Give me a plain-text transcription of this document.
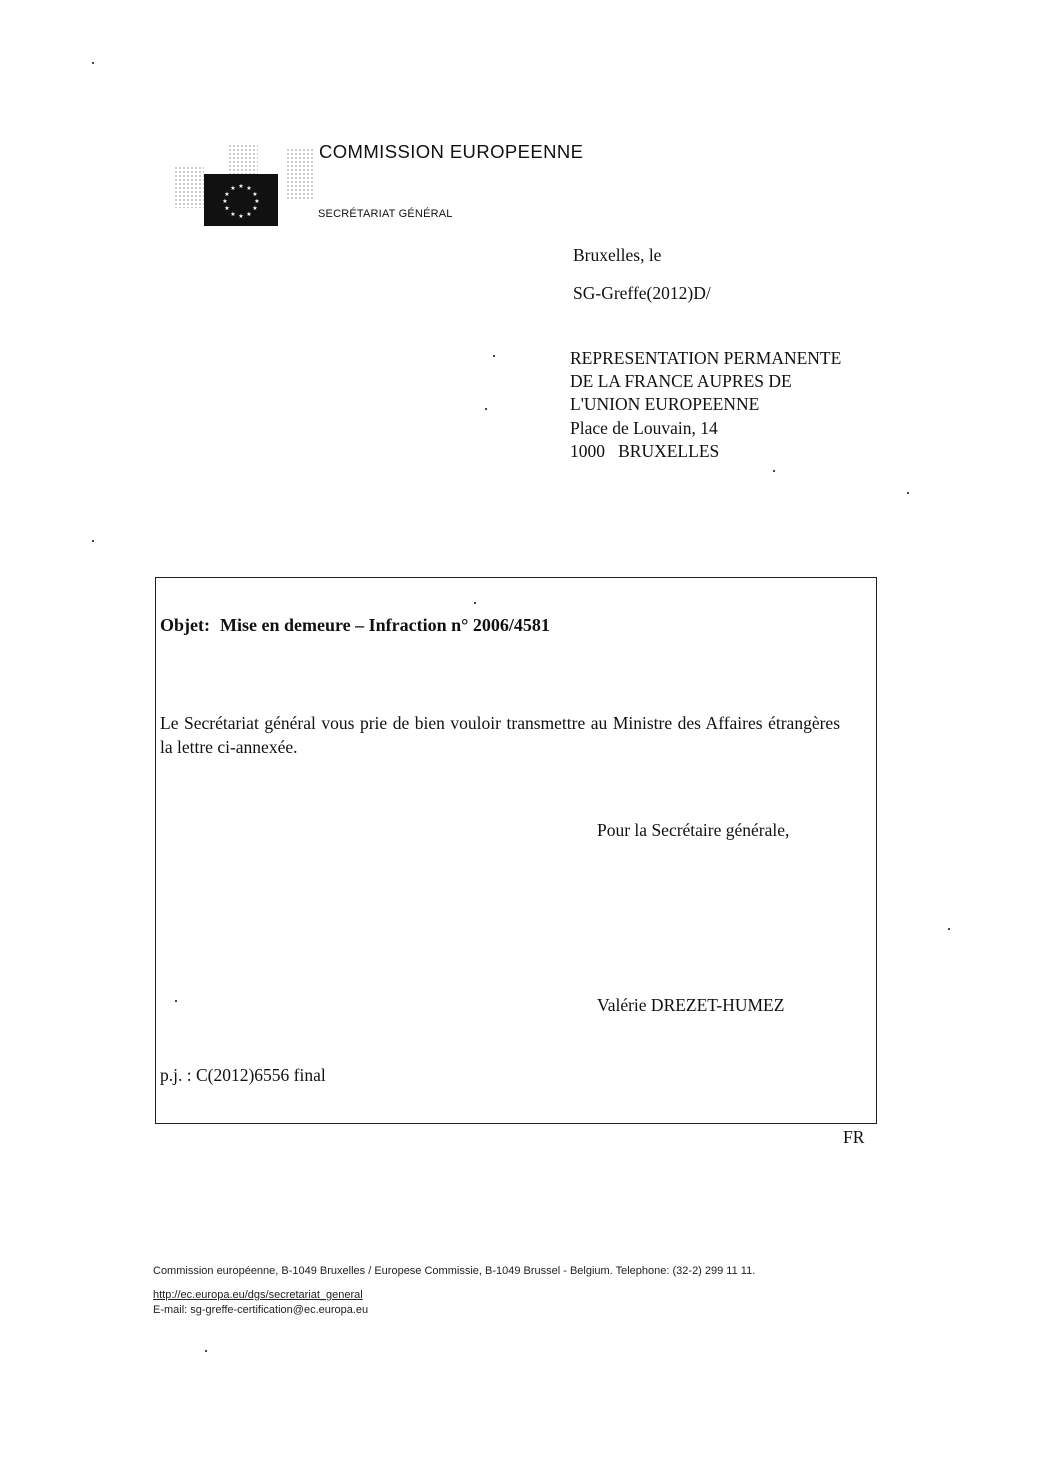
★ ★
★
★
★
★
★
★
★
★
★
★
COMMISSION EUROPEENNE
SECRÉTARIAT GÉNÉRAL
Bruxelles, le
SG-Greffe(2012)D/
REPRESENTATION PERMANENTE
DE LA FRANCE AUPRES DE
L'UNION EUROPEENNE
Place de Louvain, 14
1000   BRUXELLES
Objet: Mise en demeure – Infraction n° 2006/4581
Le Secrétariat général vous prie de bien vouloir transmettre au Ministre des Affaires étrangères la lettre ci-annexée.
Pour la Secrétaire générale,
Valérie DREZET-HUMEZ
p.j. : C(2012)6556 final
FR
Commission européenne, B-1049 Bruxelles / Europese Commissie, B-1049 Brussel - Belgium. Telephone: (32-2) 299 11 11.
http://ec.europa.eu/dgs/secretariat_general
E-mail: sg-greffe-certification@ec.europa.eu
